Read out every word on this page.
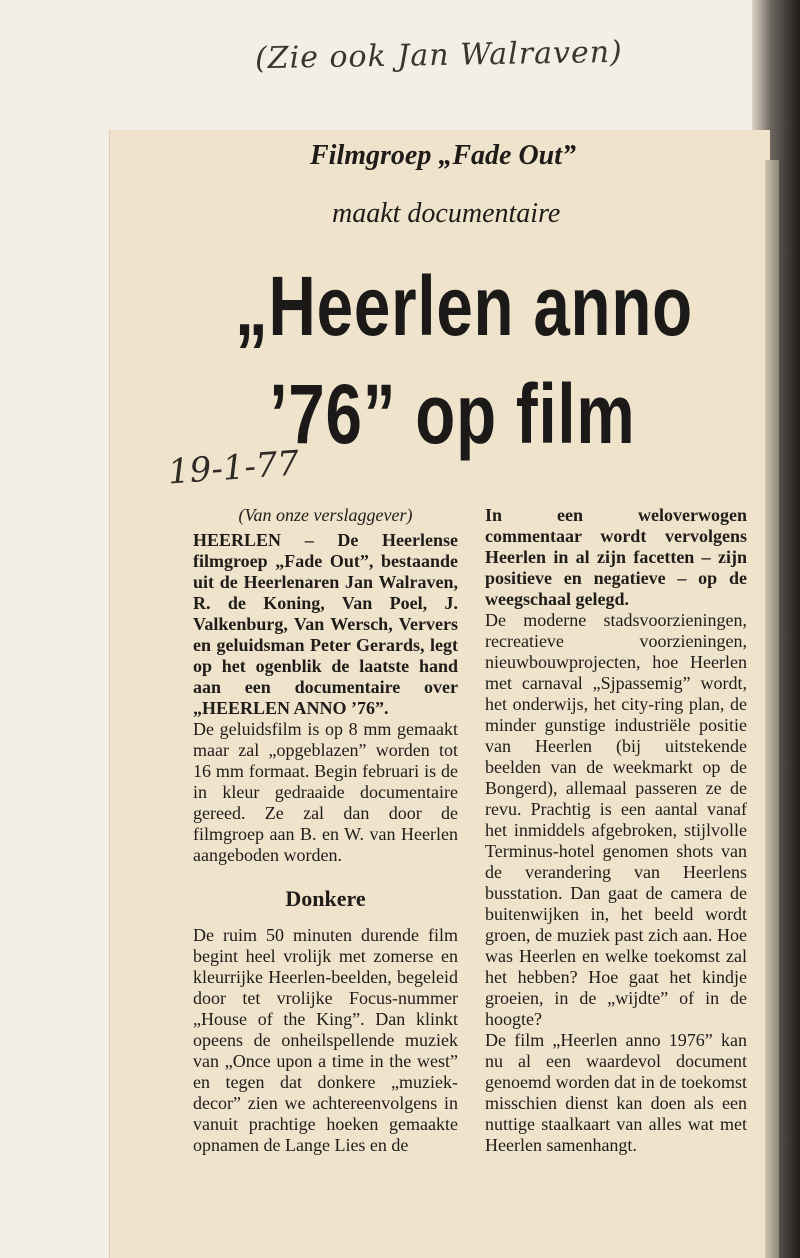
(Zie ook Jan Walraven)
Filmgroep „Fade Out”
maakt documentaire
„Heerlen anno
’76” op film
19-1-77

(Van onze verslaggever)

HEERLEN – De Heerlense filmgroep „Fade Out”, bestaande uit de Heerlenaren Jan Walraven, R. de Koning, Van Poel, J. Valkenburg, Van Wersch, Ververs en geluidsman Peter Gerards, legt op het ogenblik de laatste hand aan een documentaire over „HEERLEN ANNO ’76”.

De geluidsfilm is op 8 mm gemaakt maar zal „opgeblazen” worden tot 16 mm formaat. Begin februari is de in kleur gedraaide documentaire gereed. Ze zal dan door de filmgroep aan B. en W. van Heerlen aangeboden worden.

Donkere

De ruim 50 minuten durende film begint heel vrolijk met zomerse en kleurrijke Heerlen-beelden, begeleid door tet vrolijke Focus-nummer „House of the King”. Dan klinkt opeens de onheilspellende muziek van „Once upon a time in the west” en tegen dat donkere „muziek-decor” zien we achtereenvolgens in vanuit prachtige hoeken gemaakte opnamen de Lange Lies en de

In een weloverwogen commentaar wordt vervolgens Heerlen in al zijn facetten – zijn positieve en negatieve – op de weegschaal gelegd.

De moderne stadsvoorzieningen, recreatieve voorzieningen, nieuwbouwprojecten, hoe Heerlen met carnaval „Sjpassemig” wordt, het onderwijs, het city-ring plan, de minder gunstige industriële positie van Heerlen (bij uitstekende beelden van de weekmarkt op de Bongerd), allemaal passeren ze de revu. Prachtig is een aantal vanaf het inmiddels afgebroken, stijlvolle Terminus-hotel genomen shots van de verandering van Heerlens busstation. Dan gaat de camera de buitenwijken in, het beeld wordt groen, de muziek past zich aan. Hoe was Heerlen en welke toekomst zal het hebben? Hoe gaat het kindje groeien, in de „wijdte” of in de hoogte?

De film „Heerlen anno 1976” kan nu al een waardevol document genoemd worden dat in de toekomst misschien dienst kan doen als een nuttige staalkaart van alles wat met Heerlen samenhangt.
